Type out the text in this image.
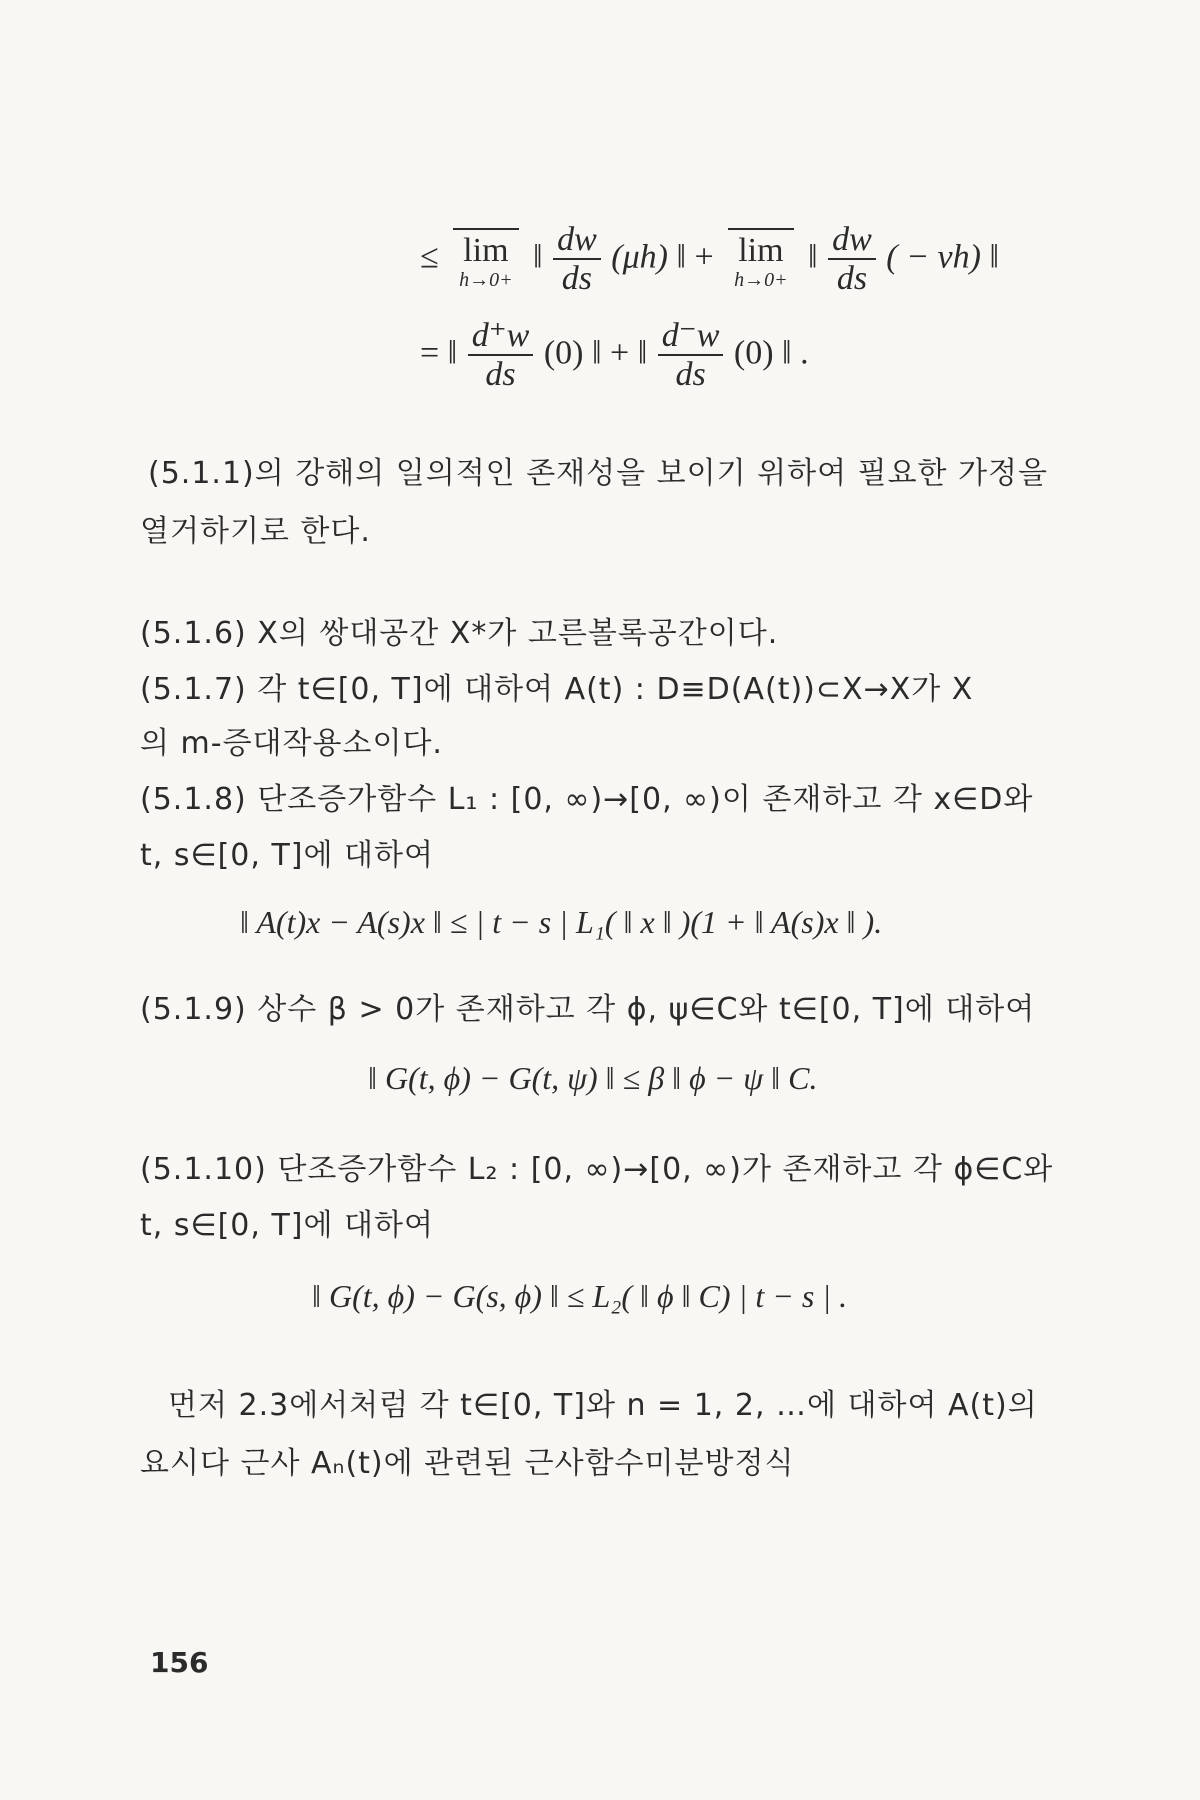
≤ lim
h→0+
‖ $\frac{dw}{ds} (\mu h)$ ‖ + lim
h→0+
‖ $\frac{dw}{ds}$ ( − νh) ‖
= ‖ $\frac{d^+w}{ds} (0)$ ‖ + ‖ $\frac{d^-w}{ds} (0)$ ‖ .
(5.1.1)의 강해의 일의적인 존재성을 보이기 위하여 필요한 가정을
열거하기로 한다.
(5.1.6) X의 쌍대공간 X*가 고른볼록공간이다.
(5.1.7) 각 t∈[0, T]에 대하여 A(t) : D≡D(A(t))⊂X→X가 X
의 m-증대작용소이다.
(5.1.8) 단조증가함수 L₁ : [0, ∞)→[0, ∞)이 존재하고 각 x∈D와
t, s∈[0, T]에 대하여
‖ A(t)x − A(s)x ‖ ≤ | t − s | L₁( ‖ x ‖ )(1 + ‖ A(s)x ‖ ).
(5.1.9) 상수 β > 0가 존재하고 각 ϕ, ψ∈C와 t∈[0, T]에 대하여
‖ G(t, ϕ) − G(t, ψ) ‖ ≤ β ‖ ϕ − ψ ‖ C.
(5.1.10) 단조증가함수 L₂ : [0, ∞)→[0, ∞)가 존재하고 각 ϕ∈C와
t, s∈[0, T]에 대하여
‖ G(t, ϕ) − G(s, ϕ) ‖ ≤ L₂( ‖ ϕ ‖ C) | t − s | .
먼저 2.3에서처럼 각 t∈[0, T]와 n = 1, 2, …에 대하여 A(t)의
요시다 근사 Aₙ(t)에 관련된 근사함수미분방정식
156
